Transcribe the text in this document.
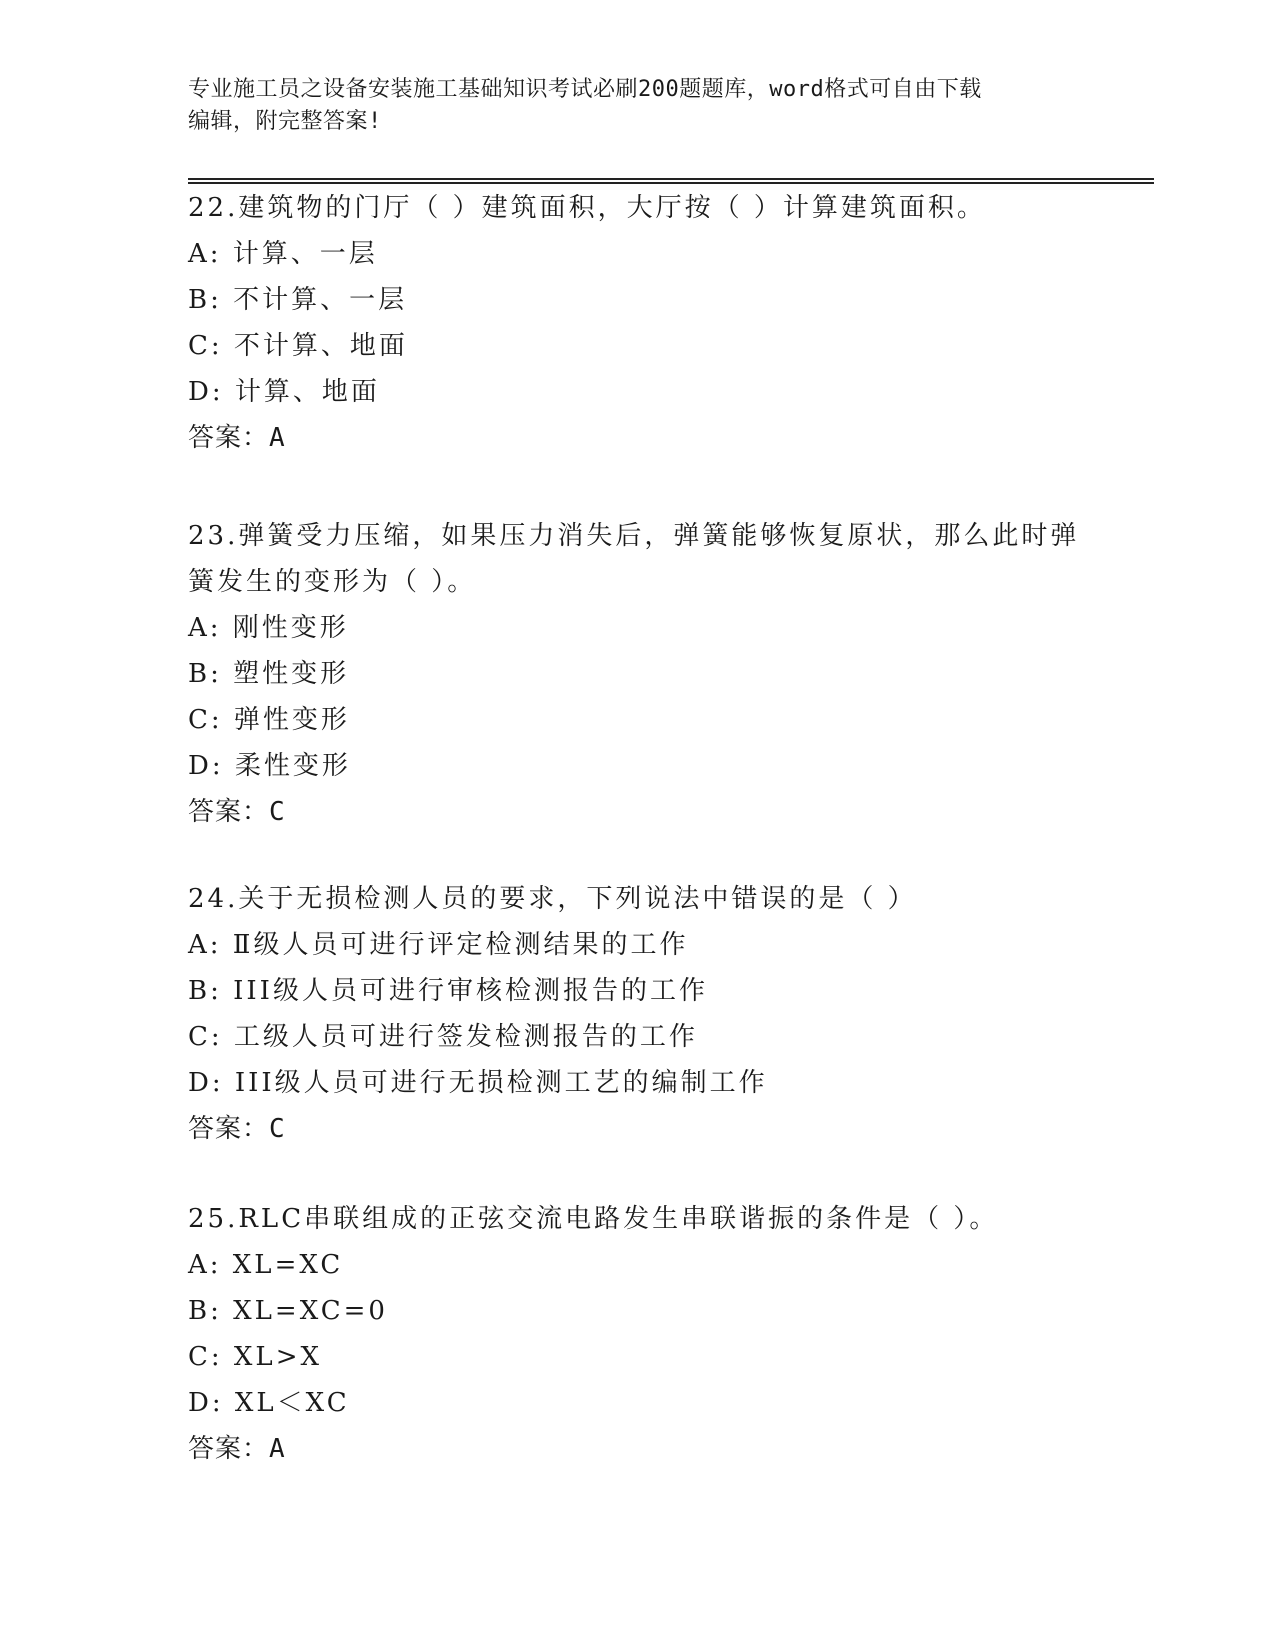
专业施工员之设备安装施工基础知识考试必刷200题题库，word格式可自由下载
编辑，附完整答案!

22.建筑物的门厅（ ）建筑面积，大厅按（ ）计算建筑面积。

A: 计算、一层

B: 不计算、一层

C: 不计算、地面

D: 计算、地面

答案：A

23.弹簧受力压缩，如果压力消失后，弹簧能够恢复原状，那么此时弹

簧发生的变形为（ ）。

A: 刚性变形

B: 塑性变形

C: 弹性变形

D: 柔性变形

答案：C

24.关于无损检测人员的要求，下列说法中错误的是（ ）

A: Ⅱ级人员可进行评定检测结果的工作

B: III级人员可进行审核检测报告的工作

C: 工级人员可进行签发检测报告的工作

D: III级人员可进行无损检测工艺的编制工作

答案：C

25.RLC串联组成的正弦交流电路发生串联谐振的条件是（ ）。

A: XL=XC

B: XL=XC=0

C: XL>X

D: XL＜XC

答案：A
